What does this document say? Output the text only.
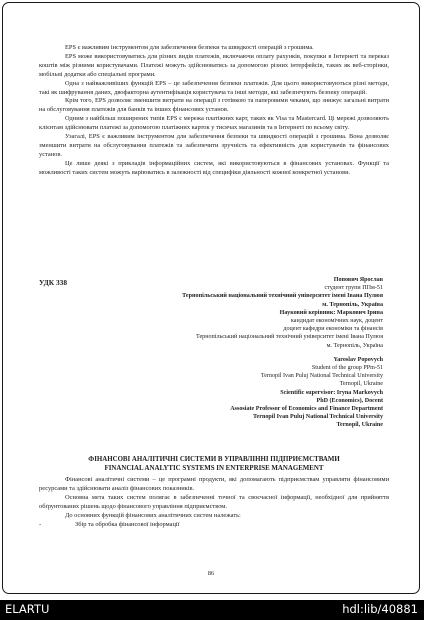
EPS є важливим інструментом для забезпечення безпеки та швидкості операцій з грошима.

EPS може використовуватись для різних видів платежів, включаючи оплату рахунків, покупки в Інтернеті та переказ коштів між різними користувачами. Платежі можуть здійснюватись за допомогою різних інтерфейсів, таких як веб-сторінки, мобільні додатки або спеціальні програми.

Одна з найважливіших функцій EPS – це забезпечення безпеки платежів. Для цього використовуються різні методи, такі як шифрування даних, двофакторна аутентифікація користувача та інші методи, які забезпечують безпеку операцій.

Крім того, EPS дозволяє зменшити витрати на операції з готівкою та паперовими чеками, що знижує загальні витрати на обслуговування платежів для банків та інших фінансових установ.

Одним з найбільш поширених типів EPS є мережа платіжних карт, таких як Visa та Mastercard. Ці мережі дозволяють клієнтам здійснювати платежі за допомогою платіжних карток у тисячах магазинів та в Інтернеті по всьому світу.

Узагалі, EPS є важливим інструментом для забезпечення безпеки та швидкості операцій з грошима. Вона дозволяє зменшити витрати на обслуговування платежів та забезпечити зручність та ефективність для користувачів та фінансових установ.

Це лише деякі з прикладів інформаційних систем, які використовуються в фінансових установах. Функції та можливості таких систем можуть варіюватись в залежності від специфіки діяльності кожної конкретної установи.

УДК 338	Попович Ярослав
студент групи ППм-51
Тернопільський національний технічний університет імені Івана Пулюя
м. Тернопіль, Україна
Науковий керівник: Маркович Ірина
кандидат економічних наук, доцент
доцент кафедри економіки та фінансів
Тернопільський національний технічний університет імені Івана Пулюя
м. Тернопіль, Україна
Yaroslav Popovych
Student of the group PPm-51
Ternopil Ivan Puluj National Technical University
Ternopil, Ukraine
Scientific supervisor: Iryna Markovych
PhD (Economics), Docent
Assosiate Professor of Economics and Finance Department
Ternopil Ivan Puluj National Technical University
Ternopil, Ukraine
ФІНАНСОВІ АНАЛІТИЧНІ СИСТЕМИ В УПРАВЛІННІ ПІДПРИЄМСТВАМИ
FINANCIAL ANALYTIC SYSTEMS IN ENTERPRISE MANAGEMENT

Фінансові аналітичні системи – це програмні продукти, які допомагають підприємствам управляти фінансовими ресурсами та здійснювати аналіз фінансових показників.

Основна мета таких систем полягає в забезпеченні точної та своєчасної інформації, необхідної для прийняття обґрунтованих рішень щодо фінансового управління підприємством.

До основних функцій фінансових аналітичних систем належать:

-	Збір та обробка фінансової інформації
86
ELARTU	hdl:lib/40881
